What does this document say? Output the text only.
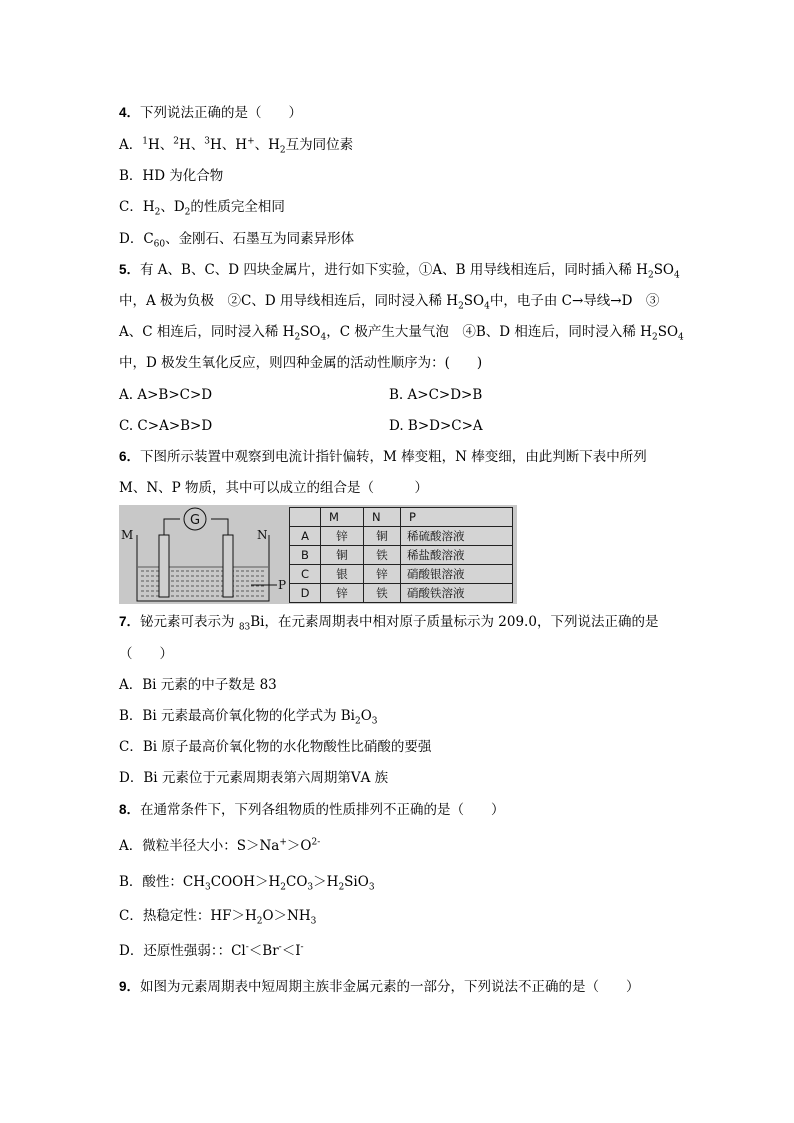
4．下列说法正确的是（　　）
A．$^1$H、$^2$H、$^3$H、H+、$H_2$互为同位素
B．HD 为化合物
C．$H_2$、$D_2$的性质完全相同
D．$C_{60}$、金刚石、石墨互为同素异形体
5．有 A、B、C、D 四块金属片，进行如下实验，①A、B 用导线相连后，同时插入稀 $H_2SO_4$
中，A 极为负极　②C、D 用导线相连后，同时浸入稀 $H_2SO_4$中，电子由 C→导线→D　③
A、C 相连后，同时浸入稀 $H_2SO_4$，C 极产生大量气泡　④B、D 相连后，同时浸入稀 $H_2SO_4$
中，D 极发生氧化反应，则四种金属的活动性顺序为：(　　)
A. A>B>C>D	B. A>C>D>B
C. C>A>B>D	D. B>D>C>A
6．下图所示装置中观察到电流计指针偏转，M 棒变粗，N 棒变细，由此判断下表中所列
M、N、P 物质，其中可以成立的组合是（　　　）
G
M	N
P
	M	N	P
A	锌	铜	稀硫酸溶液
B	铜	铁	稀盐酸溶液
C	银	锌	硝酸银溶液
D	锌	铁	硝酸铁溶液
7．铋元素可表示为 $_{83}$Bi，在元素周期表中相对原子质量标示为 209.0，下列说法正确的是
（　　）
A．Bi 元素的中子数是 83
B．Bi 元素最高价氧化物的化学式为 $Bi_2O_3$
C．Bi 原子最高价氧化物的水化物酸性比硝酸的要强
D．Bi 元素位于元素周期表第六周期第ⅤA 族
8．在通常条件下，下列各组物质的性质排列不正确的是（　　）
A．微粒半径大小：$S>Na^+>O^{2-}$
B．酸性：$CH_3COOH>H_2CO_3>H_2SiO_3$
C．热稳定性：$HF>H_2O>NH_3$
D．还原性强弱：：Cl-＜Br-＜I-
9．如图为元素周期表中短周期主族非金属元素的一部分，下列说法不正确的是（　　）
